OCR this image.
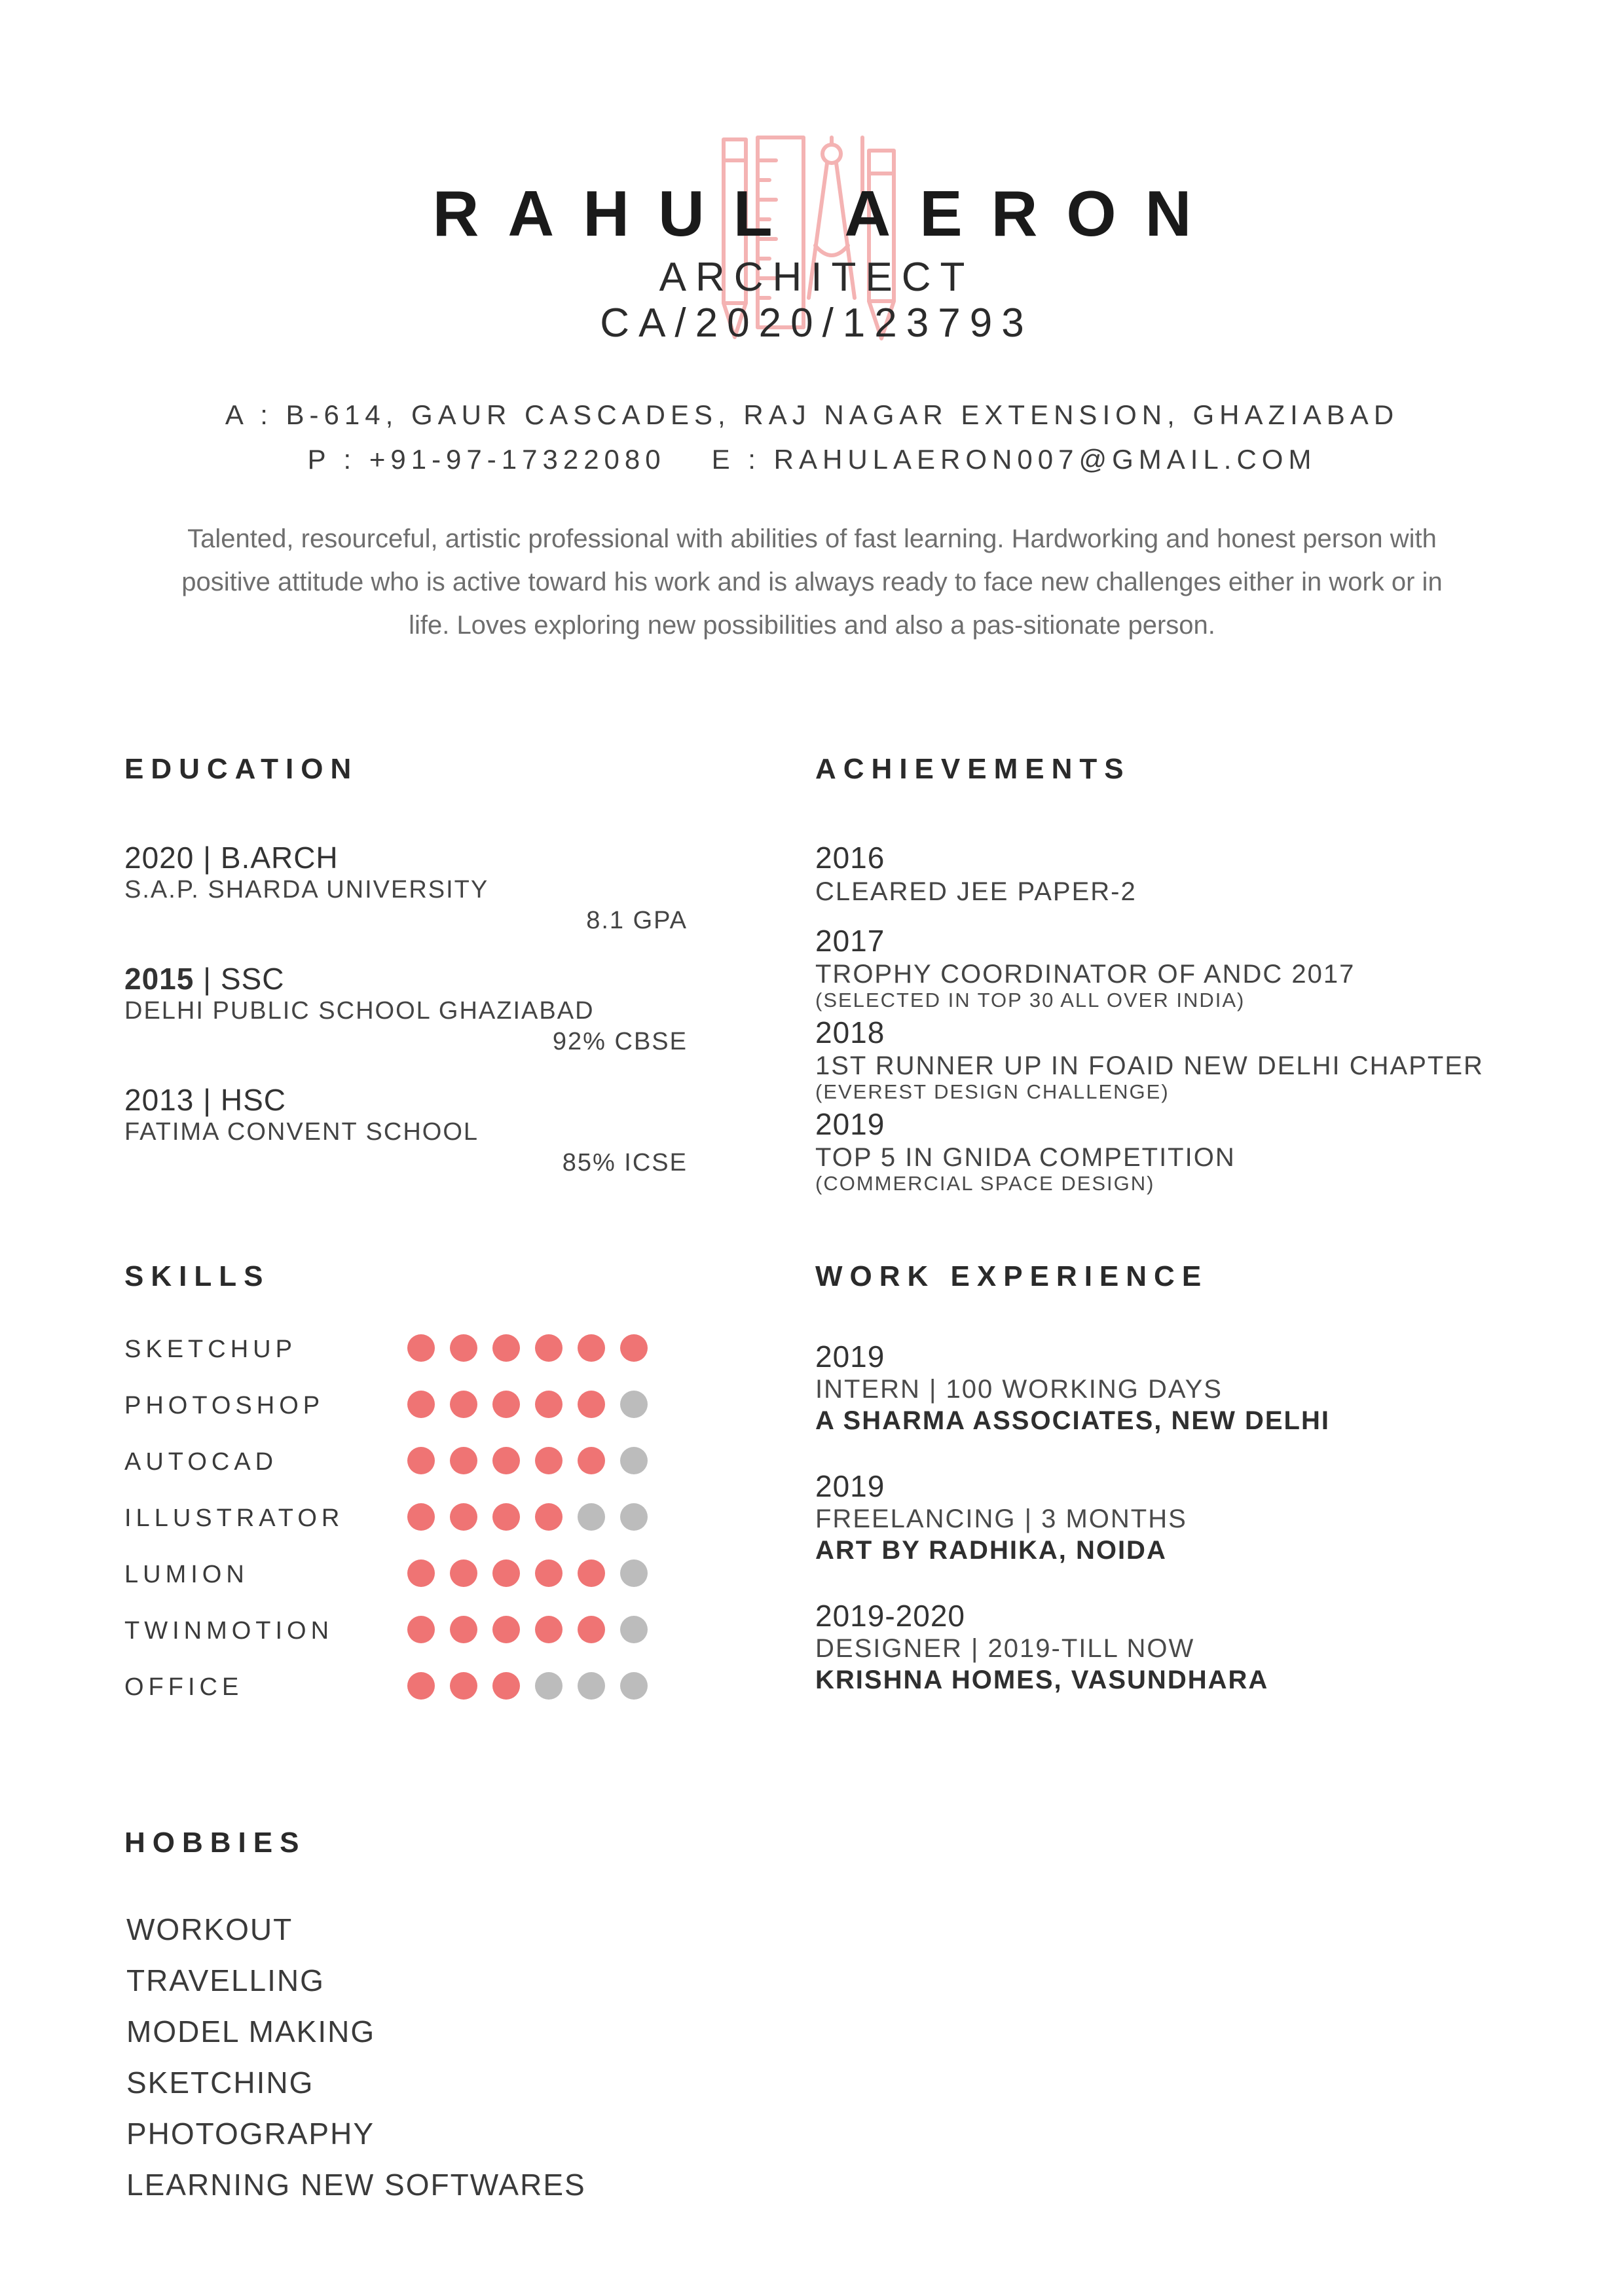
RAHUL AERON
ARCHITECT
CA/2020/123793
A : B-614, GAUR CASCADES, RAJ NAGAR EXTENSION, GHAZIABAD
P : +91-97-17322080 E : RAHULAERON007@GMAIL.COM
Talented, resourceful, artistic professional with abilities of fast learning. Hardworking and honest person with positive attitude who is active toward his work and is always ready to face new challenges either in work or in life. Loves exploring new possibilities and also a pas-sitionate person.
EDUCATION
2020 | B.ARCH
S.A.P. SHARDA UNIVERSITY
8.1 GPA
2015 | SSC
DELHI PUBLIC SCHOOL GHAZIABAD
92% CBSE
2013 | HSC
FATIMA CONVENT SCHOOL
85% ICSE
ACHIEVEMENTS
2016
CLEARED JEE PAPER-2
2017
TROPHY COORDINATOR OF ANDC 2017
(SELECTED IN TOP 30 ALL OVER INDIA)
2018
1ST RUNNER UP IN FOAID NEW DELHI CHAPTER
(EVEREST DESIGN CHALLENGE)
2019
TOP 5 IN GNIDA COMPETITION
(COMMERCIAL SPACE DESIGN)
SKILLS
SKETCHUP
PHOTOSHOP
AUTOCAD
ILLUSTRATOR
LUMION
TWINMOTION
OFFICE
WORK EXPERIENCE
2019
INTERN | 100 WORKING DAYS
A SHARMA ASSOCIATES, NEW DELHI
2019
FREELANCING | 3 MONTHS
ART BY RADHIKA, NOIDA
2019-2020
DESIGNER | 2019-TILL NOW
KRISHNA HOMES, VASUNDHARA
HOBBIES
WORKOUT
TRAVELLING
MODEL MAKING
SKETCHING
PHOTOGRAPHY
LEARNING NEW SOFTWARES
